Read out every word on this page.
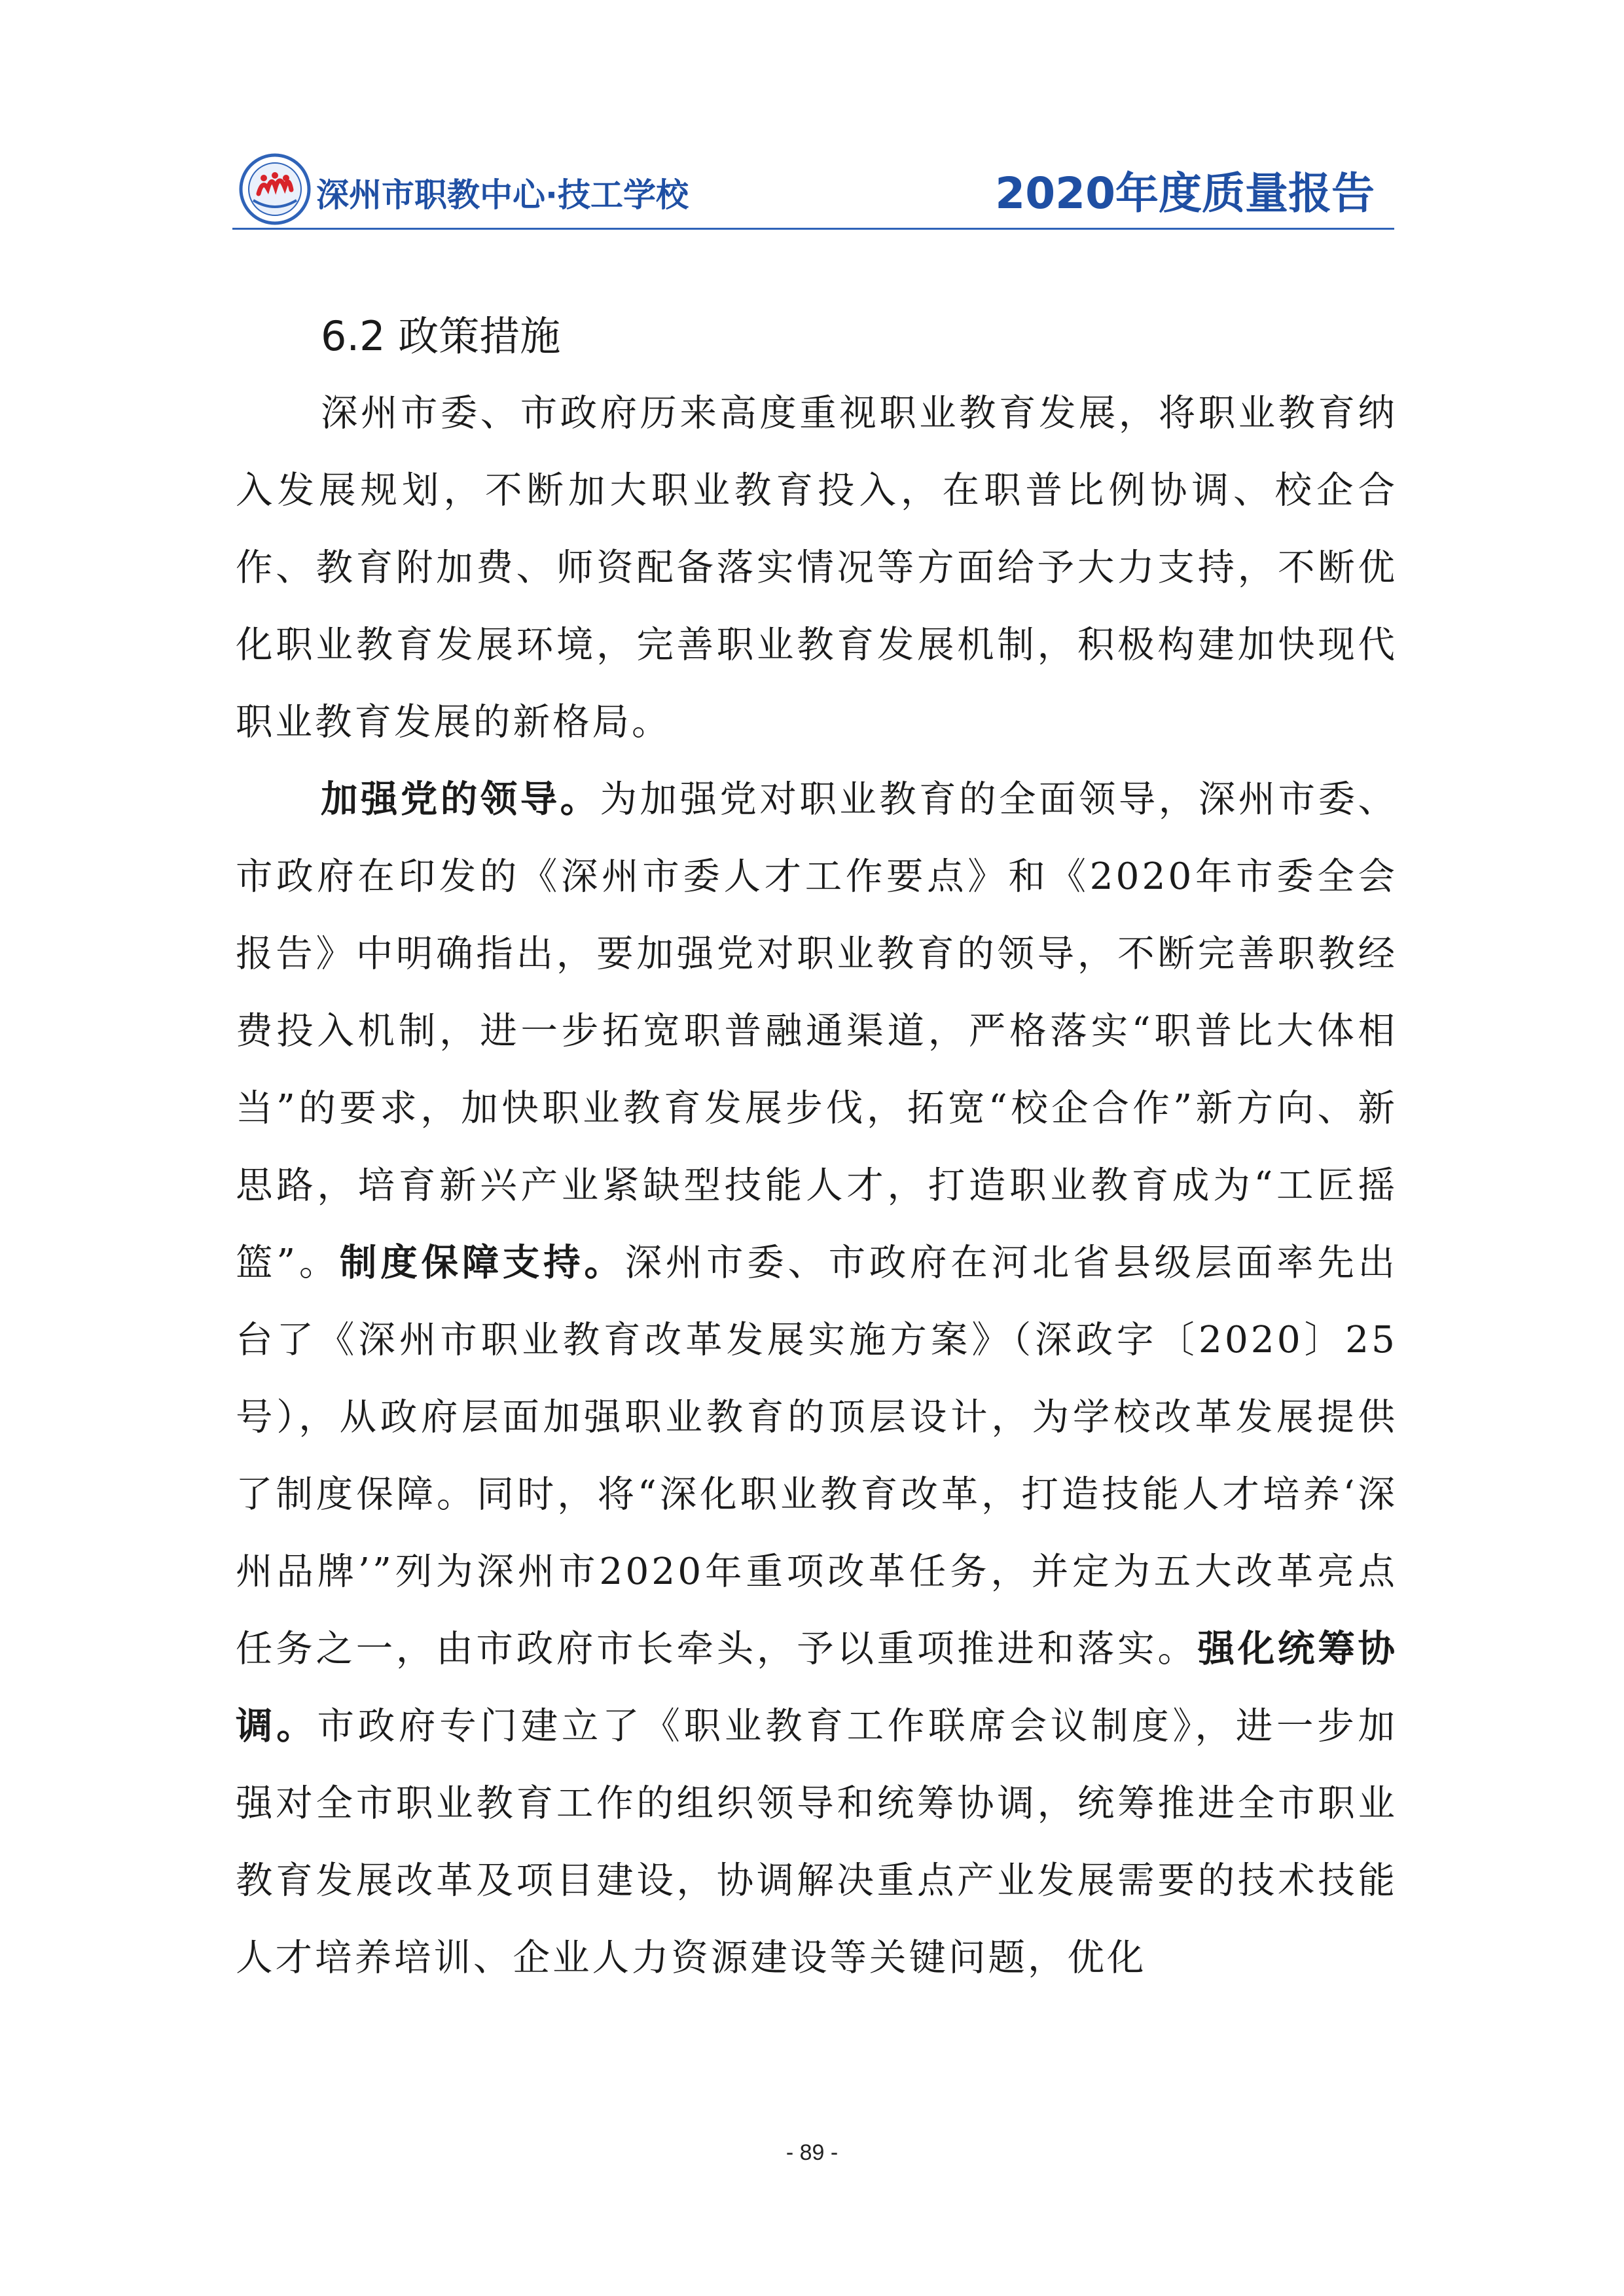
深州市职教中心·技工学校	2020年度质量报告
6.2 政策措施

深州市委、市政府历来高度重视职业教育发展，将职业教育纳入发展规划，不断加大职业教育投入，在职普比例协调、校企合作、教育附加费、师资配备落实情况等方面给予大力支持，不断优化职业教育发展环境，完善职业教育发展机制，积极构建加快现代职业教育发展的新格局。

加强党的领导。为加强党对职业教育的全面领导，深州市委、市政府在印发的《深州市委人才工作要点》和《2020年市委全会报告》中明确指出，要加强党对职业教育的领导，不断完善职教经费投入机制，进一步拓宽职普融通渠道，严格落实“职普比大体相当”的要求，加快职业教育发展步伐，拓宽“校企合作”新方向、新思路，培育新兴产业紧缺型技能人才，打造职业教育成为“工匠摇篮”。制度保障支持。深州市委、市政府在河北省县级层面率先出台了《深州市职业教育改革发展实施方案》（深政字〔2020〕25号），从政府层面加强职业教育的顶层设计，为学校改革发展提供了制度保障。同时，将“深化职业教育改革，打造技能人才培养‘深州品牌’”列为深州市2020年重项改革任务，并定为五大改革亮点任务之一，由市政府市长牵头，予以重项推进和落实。强化统筹协调。市政府专门建立了《职业教育工作联席会议制度》，进一步加强对全市职业教育工作的组织领导和统筹协调，统筹推进全市职业教育发展改革及项目建设，协调解决重点产业发展需要的技术技能人才培养培训、企业人力资源建设等关键问题，优化

- 89 -
